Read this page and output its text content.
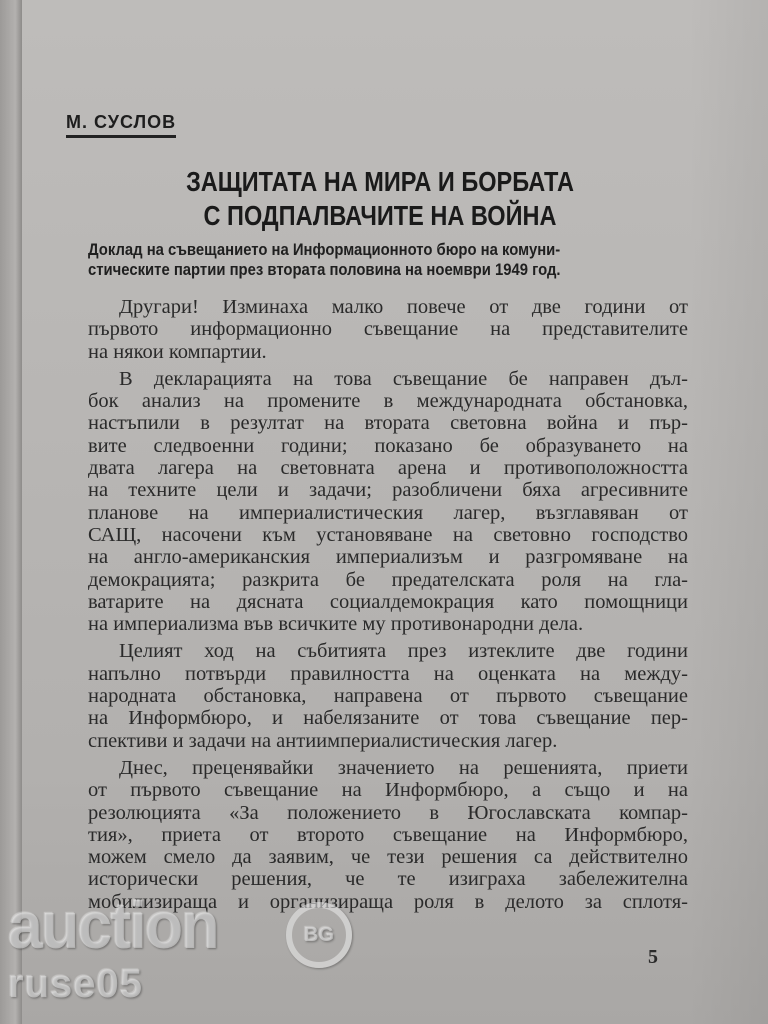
М. СУСЛОВ
ЗАЩИТАТА НА МИРА И БОРБАТА
С ПОДПАЛВАЧИТЕ НА ВОЙНА
Доклад на съвещанието на Информационното бюро на комуни-
стическите партии през втората половина на ноември 1949 год.
Другари! Изминаха малко повече от две години от
първото информационно съвещание на представителите
на някои компартии.
В декларацията на това съвещание бе направен дъл-
бок анализ на промените в международната обстановка,
настъпили в резултат на втората световна война и пър-
вите следвоенни години; показано бе образуването на
двата лагера на световната арена и противоположността
на техните цели и задачи; разобличени бяха агресивните
планове на империалистическия лагер, възглавяван от
САЩ, насочени към установяване на световно господство
на англо-американския империализъм и разгромяване на
демокрацията; разкрита бе предателската роля на гла-
ватарите на дясната социалдемокрация като помощници
на империализма във всичките му противонародни дела.
Целият ход на събитията през изтеклите две години
напълно потвърди правилността на оценката на между-
народната обстановка, направена от първото съвещание
на Информбюро, и набелязаните от това съвещание пер-
спективи и задачи на антиимпериалистическия лагер.
Днес, преценявайки значението на решенията, приети
от първото съвещание на Информбюро, а също и на
резолюцията «За положението в Югославската компар-
тия», приета от второто съвещание на Информбюро,
можем смело да заявим, че тези решения са действително
исторически решения, че те изиграха забележителна
мобилизираща и организираща роля в делото за сплотя-
5
auction	BG
ruse05
